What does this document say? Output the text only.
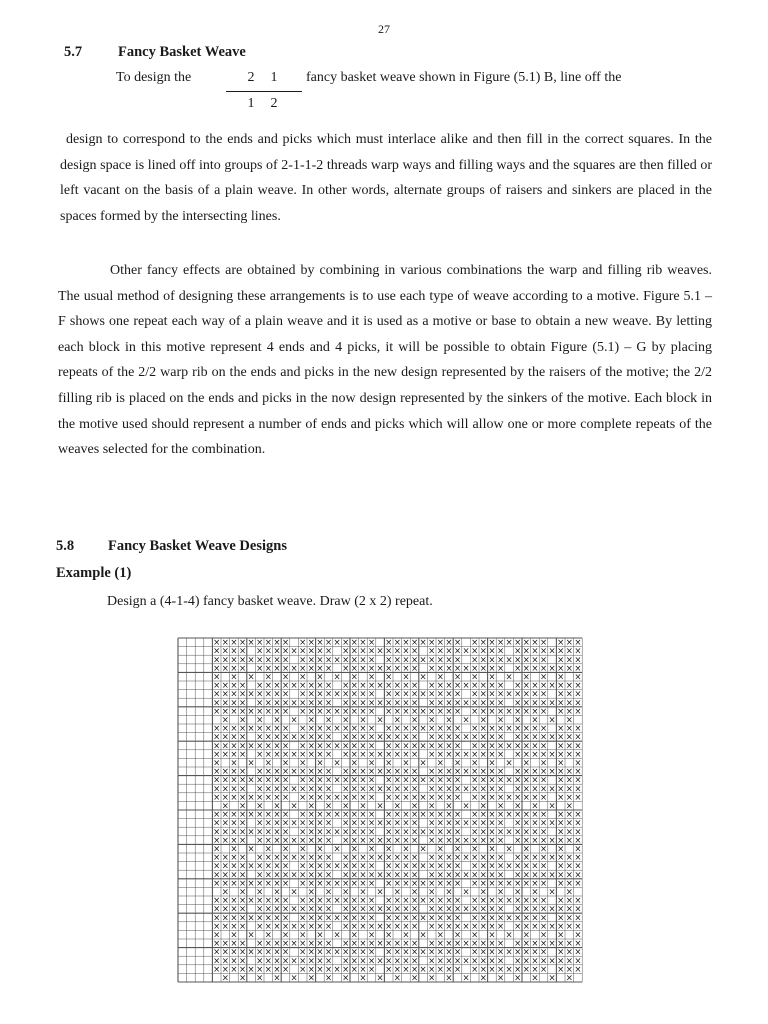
27
5.7 Fancy Basket Weave
To design the	fancy basket weave shown in Figure (5.1) B, line off the
$\frac{2 1}{1 2}$

design to correspond to the ends and picks which must interlace alike and then fill in the correct squares. In the design space is lined off into groups of 2-1-1-2 threads warp ways and filling ways and the squares are then filled or left vacant on the basis of a plain weave. In other words, alternate groups of raisers and sinkers are placed in the spaces formed by the intersecting lines.

Other fancy effects are obtained by combining in various combinations the warp and filling rib weaves. The usual method of designing these arrangements is to use each type of weave according to a motive. Figure 5.1 – F shows one repeat each way of a plain weave and it is used as a motive or base to obtain a new weave. By letting each block in this motive represent 4 ends and 4 picks, it will be possible to obtain Figure (5.1) – G by placing repeats of the 2/2 warp rib on the ends and picks in the new design represented by the raisers of the motive; the 2/2 filling rib is placed on the ends and picks in the now design represented by the sinkers of the motive. Each block in the motive used should represent a number of ends and picks which will allow one or more complete repeats of the weaves selected for the combination.

5.8 Fancy Basket Weave Designs
Example (1)
Design a (4-1-4) fancy basket weave. Draw (2 x 2) repeat.
× × × × × × × × × × × × × × × × × × × × × × × × × × × × × × × × × × × × × × ×
× × × × × × × × × × × × × × × × × × × × × × × × × × × × × × × × × × × × × × ×
× × × × × × × × × × × × × × × × × × × × × × × × × × × × × × × × × × × × × × ×
× × × × × × × × × × × × × × × × × × × × × × × × × × × × × × × × × × × × × × ×
× × × × × × × × × × × × × × × × × × × × × ×
× × × × × × × × × × × × × × × × × × × × × × × × × × × × × × × × × × × × × × ×
× × × × × × × × × × × × × × × × × × × × × × × × × × × × × × × × × × × × × × ×
× × × × × × × × × × × × × × × × × × × × × × × × × × × × × × × × × × × × × × ×
× × × × × × × × × × × × × × × × × × × × × × × × × × × × × × × × × × × × × × ×
× × × × × × × × × × × × × × × × × × × × ×
× × × × × × × × × × × × × × × × × × × × × × × × × × × × × × × × × × × × × × ×
× × × × × × × × × × × × × × × × × × × × × × × × × × × × × × × × × × × × × × ×
× × × × × × × × × × × × × × × × × × × × × × × × × × × × × × × × × × × × × × ×
× × × × × × × × × × × × × × × × × × × × × × × × × × × × × × × × × × × × × × ×
× × × × × × × × × × × × × × × × × × × × × ×
× × × × × × × × × × × × × × × × × × × × × × × × × × × × × × × × × × × × × × ×
× × × × × × × × × × × × × × × × × × × × × × × × × × × × × × × × × × × × × × ×
× × × × × × × × × × × × × × × × × × × × × × × × × × × × × × × × × × × × × × ×
× × × × × × × × × × × × × × × × × × × × × × × × × × × × × × × × × × × × × × ×
× × × × × × × × × × × × × × × × × × × × ×
× × × × × × × × × × × × × × × × × × × × × × × × × × × × × × × × × × × × × × ×
× × × × × × × × × × × × × × × × × × × × × × × × × × × × × × × × × × × × × × ×
× × × × × × × × × × × × × × × × × × × × × × × × × × × × × × × × × × × × × × ×
× × × × × × × × × × × × × × × × × × × × × × × × × × × × × × × × × × × × × × ×
× × × × × × × × × × × × × × × × × × × × × ×
× × × × × × × × × × × × × × × × × × × × × × × × × × × × × × × × × × × × × × ×
× × × × × × × × × × × × × × × × × × × × × × × × × × × × × × × × × × × × × × ×
× × × × × × × × × × × × × × × × × × × × × × × × × × × × × × × × × × × × × × ×
× × × × × × × × × × × × × × × × × × × × × × × × × × × × × × × × × × × × × × ×
× × × × × × × × × × × × × × × × × × × × ×
× × × × × × × × × × × × × × × × × × × × × × × × × × × × × × × × × × × × × × ×
× × × × × × × × × × × × × × × × × × × × × × × × × × × × × × × × × × × × × × ×
× × × × × × × × × × × × × × × × × × × × × × × × × × × × × × × × × × × × × × ×
× × × × × × × × × × × × × × × × × × × × × × × × × × × × × × × × × × × × × × ×
× × × × × × × × × × × × × × × × × × × × × ×
× × × × × × × × × × × × × × × × × × × × × × × × × × × × × × × × × × × × × × ×
× × × × × × × × × × × × × × × × × × × × × × × × × × × × × × × × × × × × × × ×
× × × × × × × × × × × × × × × × × × × × × × × × × × × × × × × × × × × × × × ×
× × × × × × × × × × × × × × × × × × × × × × × × × × × × × × × × × × × × × × ×
× × × × × × × × × × × × × × × × × × × × ×
